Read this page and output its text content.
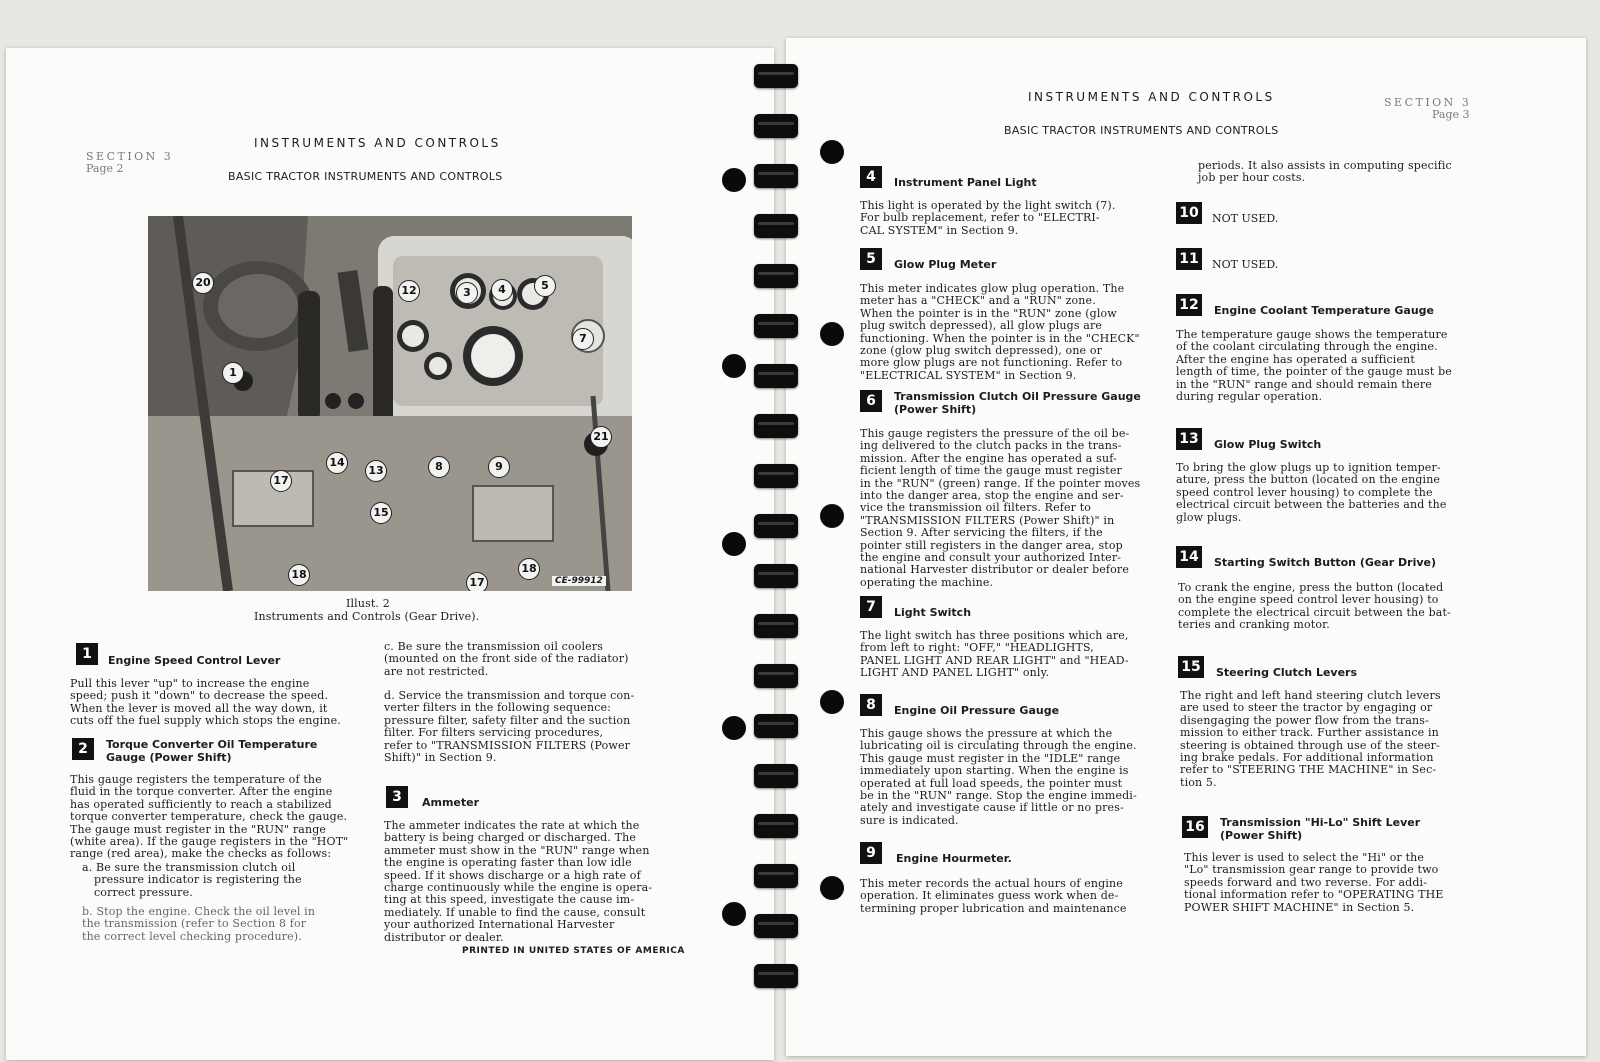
INSTRUMENTS AND CONTROLS
SECTION 3
Page 2
BASIC TRACTOR INSTRUMENTS AND CONTROLS
20
12	3	4	5
7
1
14
13	8	9
21
17
15
18
17
18
CE-99912
Illust. 2
Instruments and Controls (Gear Drive).
1	Engine Speed Control Lever
Pull this lever "up" to increase the engine
speed; push it "down" to decrease the speed.
When the lever is moved all the way down, it
cuts off the fuel supply which stops the engine.
2	Torque Converter Oil Temperature
Gauge (Power Shift)
This gauge registers the temperature of the
fluid in the torque converter. After the engine
has operated sufficiently to reach a stabilized
torque converter temperature, check the gauge.
The gauge must register in the "RUN" range
(white area). If the gauge registers in the "HOT"
range (red area), make the checks as follows:
a. Be sure the transmission clutch oil
pressure indicator is registering the
correct pressure.
b. Stop the engine. Check the oil level in
the transmission (refer to Section 8 for
the correct level checking procedure).
c. Be sure the transmission oil coolers
(mounted on the front side of the radiator)
are not restricted.
d. Service the transmission and torque con-
verter filters in the following sequence:
pressure filter, safety filter and the suction
filter. For filters servicing procedures,
refer to "TRANSMISSION FILTERS (Power
Shift)" in Section 9.
3	Ammeter
The ammeter indicates the rate at which the
battery is being charged or discharged. The
ammeter must show in the "RUN" range when
the engine is operating faster than low idle
speed. If it shows discharge or a high rate of
charge continuously while the engine is opera-
ting at this speed, investigate the cause im-
mediately. If unable to find the cause, consult
your authorized International Harvester
distributor or dealer.
PRINTED IN UNITED STATES OF AMERICA
INSTRUMENTS AND CONTROLS	SECTION 3
Page 3
BASIC TRACTOR INSTRUMENTS AND CONTROLS
4	Instrument Panel Light
This light is operated by the light switch (7).
For bulb replacement, refer to "ELECTRI-
CAL SYSTEM" in Section 9.
5	Glow Plug Meter
This meter indicates glow plug operation. The
meter has a "CHECK" and a "RUN" zone.
When the pointer is in the "RUN" zone (glow
plug switch depressed), all glow plugs are
functioning. When the pointer is in the "CHECK"
zone (glow plug switch depressed), one or
more glow plugs are not functioning. Refer to
"ELECTRICAL SYSTEM" in Section 9.
6	Transmission Clutch Oil Pressure Gauge
(Power Shift)
This gauge registers the pressure of the oil be-
ing delivered to the clutch packs in the trans-
mission. After the engine has operated a suf-
ficient length of time the gauge must register
in the "RUN" (green) range. If the pointer moves
into the danger area, stop the engine and ser-
vice the transmission oil filters. Refer to
"TRANSMISSION FILTERS (Power Shift)" in
Section 9. After servicing the filters, if the
pointer still registers in the danger area, stop
the engine and consult your authorized Inter-
national Harvester distributor or dealer before
operating the machine.
7	Light Switch
The light switch has three positions which are,
from left to right: "OFF," "HEADLIGHTS,
PANEL LIGHT AND REAR LIGHT" and "HEAD-
LIGHT AND PANEL LIGHT" only.
8	Engine Oil Pressure Gauge
This gauge shows the pressure at which the
lubricating oil is circulating through the engine.
This gauge must register in the "IDLE" range
immediately upon starting. When the engine is
operated at full load speeds, the pointer must
be in the "RUN" range. Stop the engine immedi-
ately and investigate cause if little or no pres-
sure is indicated.
9	Engine Hourmeter.
This meter records the actual hours of engine
operation. It eliminates guess work when de-
termining proper lubrication and maintenance
periods. It also assists in computing specific
job per hour costs.
10 NOT USED.
11 NOT USED.
12 Engine Coolant Temperature Gauge
The temperature gauge shows the temperature
of the coolant circulating through the engine.
After the engine has operated a sufficient
length of time, the pointer of the gauge must be
in the "RUN" range and should remain there
during regular operation.
13 Glow Plug Switch
To bring the glow plugs up to ignition temper-
ature, press the button (located on the engine
speed control lever housing) to complete the
electrical circuit between the batteries and the
glow plugs.
14 Starting Switch Button (Gear Drive)
To crank the engine, press the button (located
on the engine speed control lever housing) to
complete the electrical circuit between the bat-
teries and cranking motor.
15 Steering Clutch Levers
The right and left hand steering clutch levers
are used to steer the tractor by engaging or
disengaging the power flow from the trans-
mission to either track. Further assistance in
steering is obtained through use of the steer-
ing brake pedals. For additional information
refer to "STEERING THE MACHINE" in Sec-
tion 5.
16 Transmission "Hi-Lo" Shift Lever
(Power Shift)
This lever is used to select the "Hi" or the
"Lo" transmission gear range to provide two
speeds forward and two reverse. For addi-
tional information refer to "OPERATING THE
POWER SHIFT MACHINE" in Section 5.
